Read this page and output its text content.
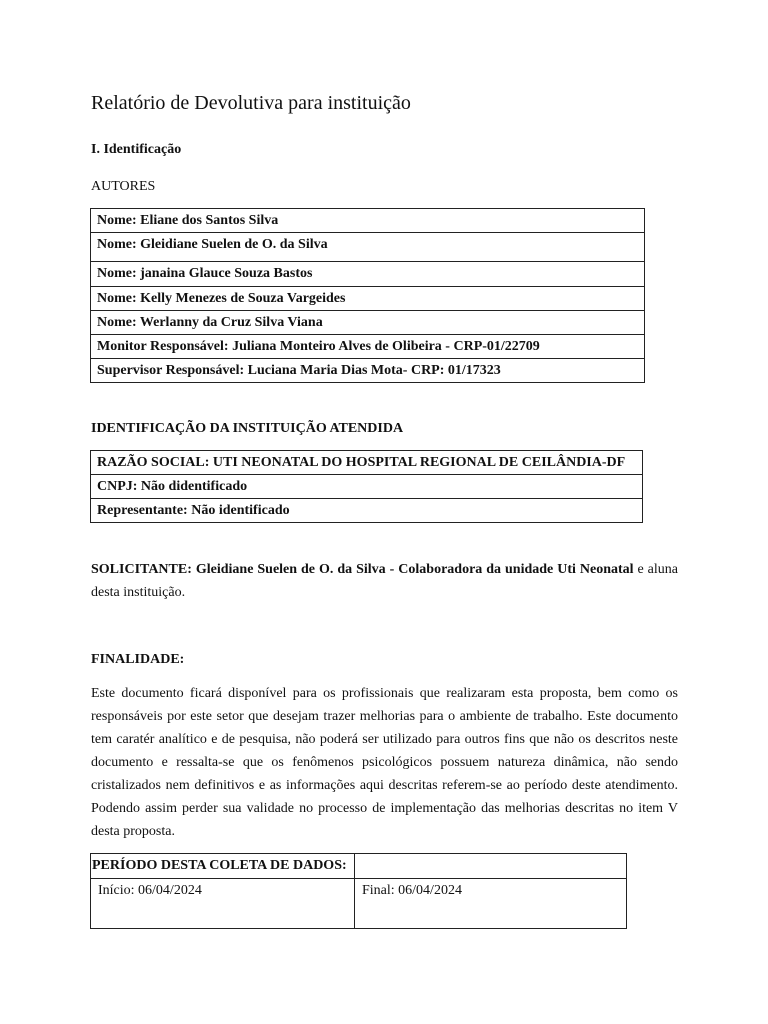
Relatório de Devolutiva para instituição
I. Identificação
AUTORES
Nome: Eliane dos Santos Silva
Nome: Gleidiane Suelen de O. da Silva
Nome: janaina Glauce Souza Bastos
Nome: Kelly Menezes de Souza Vargeides
Nome: Werlanny da Cruz Silva Viana
Monitor Responsável: Juliana Monteiro Alves de Olibeira - CRP-01/22709
Supervisor Responsável: Luciana Maria Dias Mota- CRP: 01/17323
IDENTIFICAÇÃO DA INSTITUIÇÃO ATENDIDA
RAZÃO SOCIAL: UTI NEONATAL DO HOSPITAL REGIONAL DE CEILÂNDIA-DF
CNPJ: Não didentificado
Representante: Não identificado

SOLICITANTE: Gleidiane Suelen de O. da Silva - Colaboradora da unidade Uti Neonatal e aluna desta instituição.

FINALIDADE:

Este documento ficará disponível para os profissionais que realizaram esta proposta, bem como os responsáveis por este setor que desejam trazer melhorias para o ambiente de trabalho. Este documento tem caratér analítico e de pesquisa, não poderá ser utilizado para outros fins que não os descritos neste documento e ressalta-se que os fenômenos psicológicos possuem natureza dinâmica, não sendo cristalizados nem definitivos e as informações aqui descritas referem-se ao período deste atendimento. Podendo assim perder sua validade no processo de implementação das melhorias descritas no item V desta proposta.

PERÍODO DESTA COLETA DE DADOS:	
Início: 06/04/2024	Final: 06/04/2024
